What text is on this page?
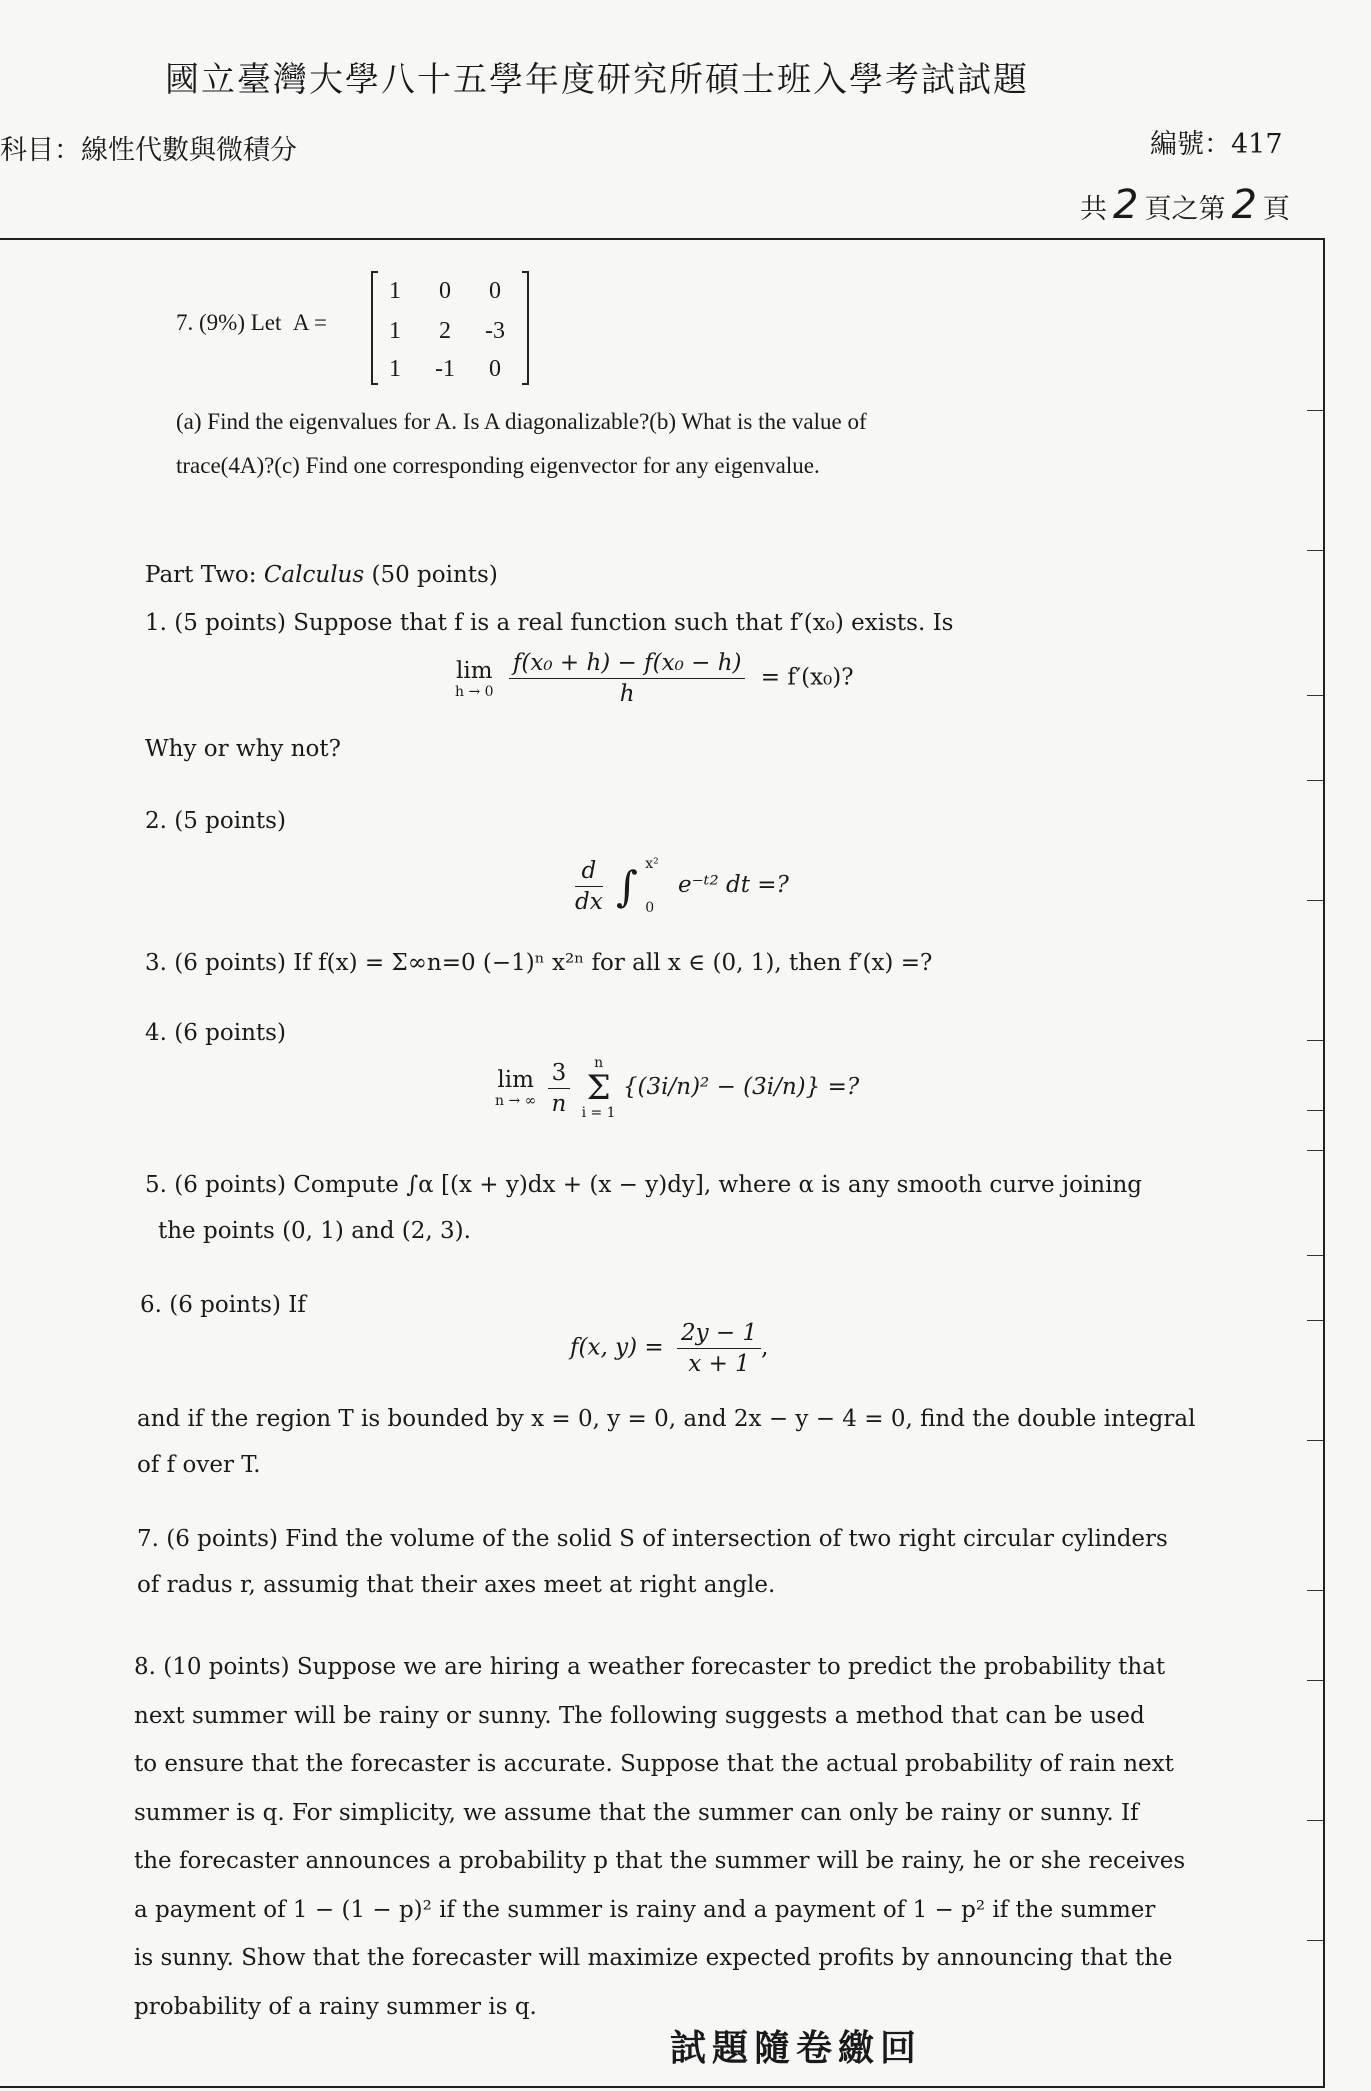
國立臺灣大學八十五學年度研究所碩士班入學考試試題
科目：線性代數與微積分	編號：417
共 2 頁之第 2 頁
7. (9%) Let A =
1 0 0
1 2 -3
1 -1 0
(a) Find the eigenvalues for A. Is A diagonalizable?(b) What is the value of
trace(4A)?(c) Find one corresponding eigenvector for any eigenvalue.
Part Two: Calculus (50 points)
1. (5 points) Suppose that f is a real function such that f′(x₀) exists. Is
lim
h → 0
$\frac{\text{f(x₀ + h) − f(x₀ − h)}}{h} = f'(x_0)$?
Why or why not?
2. (5 points)
$\frac{d}{dx}$ ∫ x²
0
e⁻ᵗ² dt =?
3. (6 points) If f(x) = Σ∞n=0 (−1)ⁿ x²ⁿ for all x ∈ (0, 1), then f′(x) =?
4. (6 points)
lim
n → ∞
$\frac{3}{n}$
	n
Σ
i = 1
{(3i/n)² − (3i/n)} =?
5. (6 points) Compute ∫α [(x + y)dx + (x − y)dy], where α is any smooth curve joining
the points (0, 1) and (2, 3).
6. (6 points) If
f(x, $y) = \frac{2y - 1}{x + 1}$ ,
and if the region T is bounded by x = 0, y = 0, and 2x − y − 4 = 0, find the double integral
of f over T.
7. (6 points) Find the volume of the solid S of intersection of two right circular cylinders
of radus r, assumig that their axes meet at right angle.
8. (10 points) Suppose we are hiring a weather forecaster to predict the probability that
next summer will be rainy or sunny. The following suggests a method that can be used
to ensure that the forecaster is accurate. Suppose that the actual probability of rain next
summer is q. For simplicity, we assume that the summer can only be rainy or sunny. If
the forecaster announces a probability p that the summer will be rainy, he or she receives
a payment of 1 − (1 − p)² if the summer is rainy and a payment of 1 − p² if the summer
is sunny. Show that the forecaster will maximize expected profits by announcing that the
probability of a rainy summer is q.
試題隨卷繳回
